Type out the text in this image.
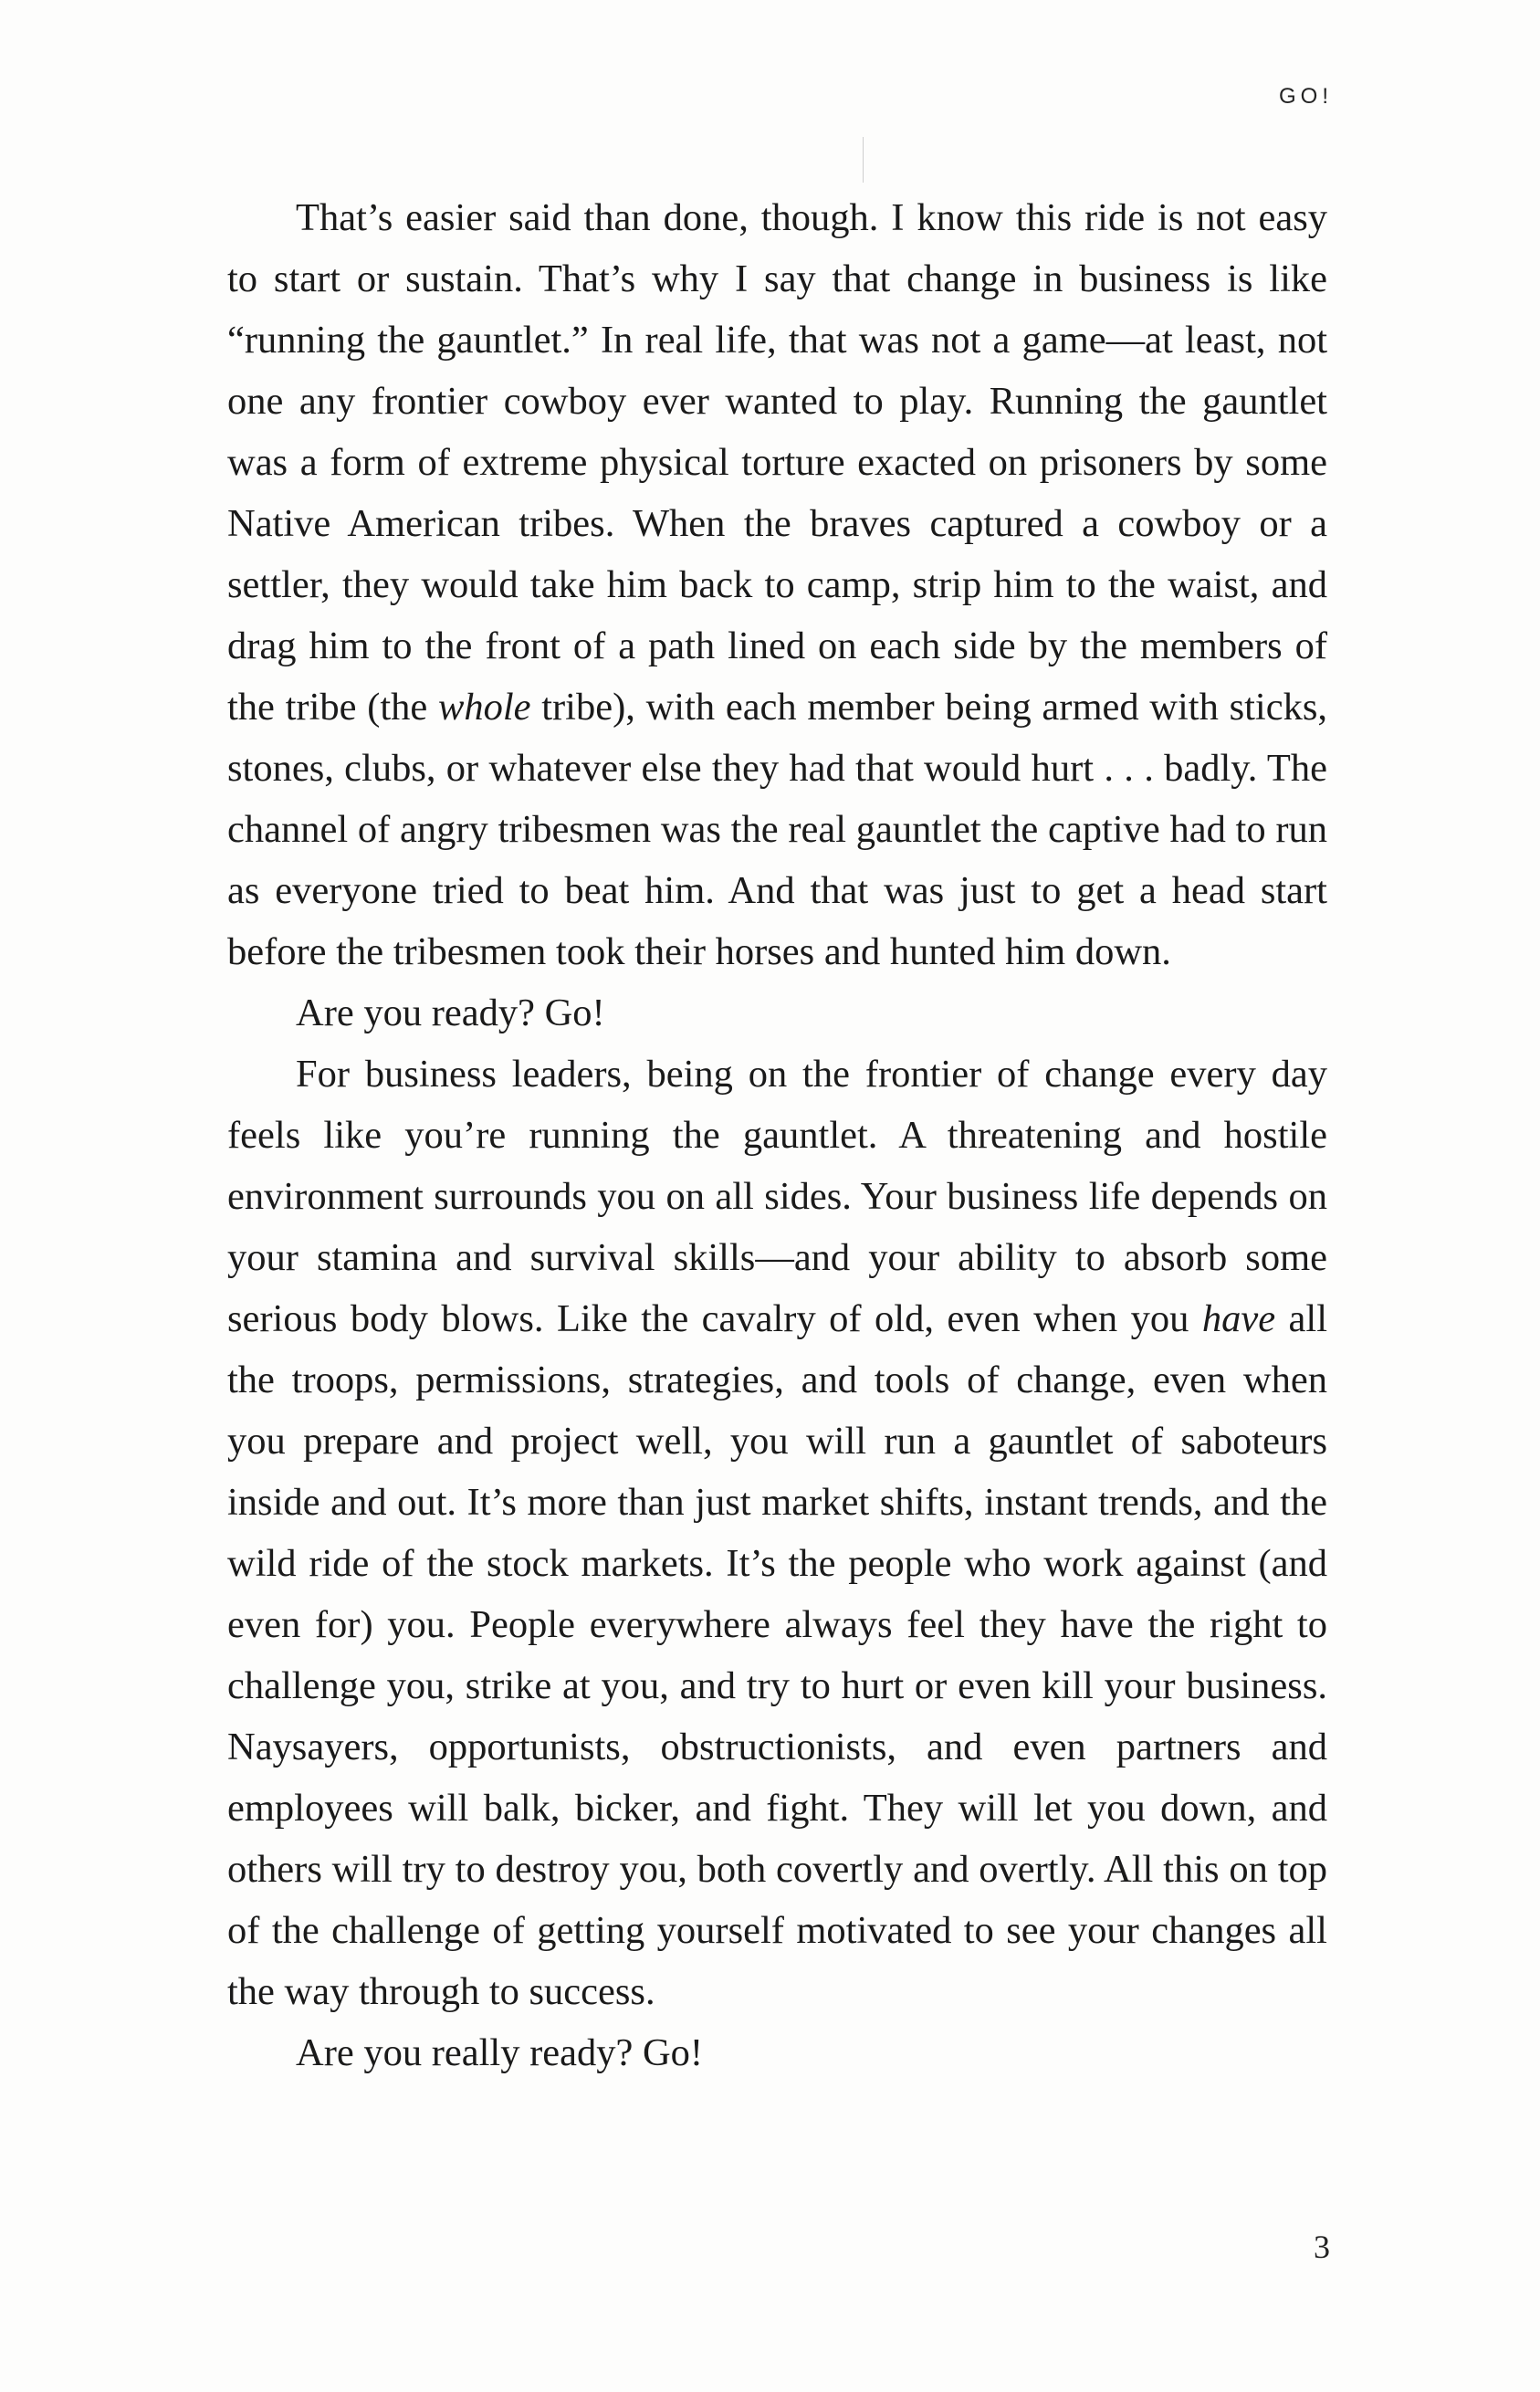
GO!

That’s easier said than done, though. I know this ride is not easy to start or sustain. That’s why I say that change in business is like “running the gauntlet.” In real life, that was not a game—at least, not one any frontier cowboy ever wanted to play. Running the gauntlet was a form of extreme physical torture exacted on prisoners by some Native American tribes. When the braves captured a cowboy or a settler, they would take him back to camp, strip him to the waist, and drag him to the front of a path lined on each side by the members of the tribe (the whole tribe), with each member being armed with sticks, stones, clubs, or whatever else they had that would hurt . . . badly. The channel of angry tribesmen was the real gauntlet the captive had to run as everyone tried to beat him. And that was just to get a head start before the tribesmen took their horses and hunted him down.

Are you ready? Go!

For business leaders, being on the frontier of change every day feels like you’re running the gauntlet. A threatening and hostile environment surrounds you on all sides. Your business life depends on your stamina and survival skills—and your ability to absorb some serious body blows. Like the cavalry of old, even when you have all the troops, permissions, strategies, and tools of change, even when you prepare and project well, you will run a gauntlet of saboteurs inside and out. It’s more than just market shifts, instant trends, and the wild ride of the stock markets. It’s the people who work against (and even for) you. People everywhere always feel they have the right to challenge you, strike at you, and try to hurt or even kill your business. Naysayers, opportunists, obstructionists, and even partners and employees will balk, bicker, and fight. They will let you down, and others will try to destroy you, both covertly and overtly. All this on top of the challenge of getting yourself motivated to see your changes all the way through to success.

Are you really ready? Go!

3
